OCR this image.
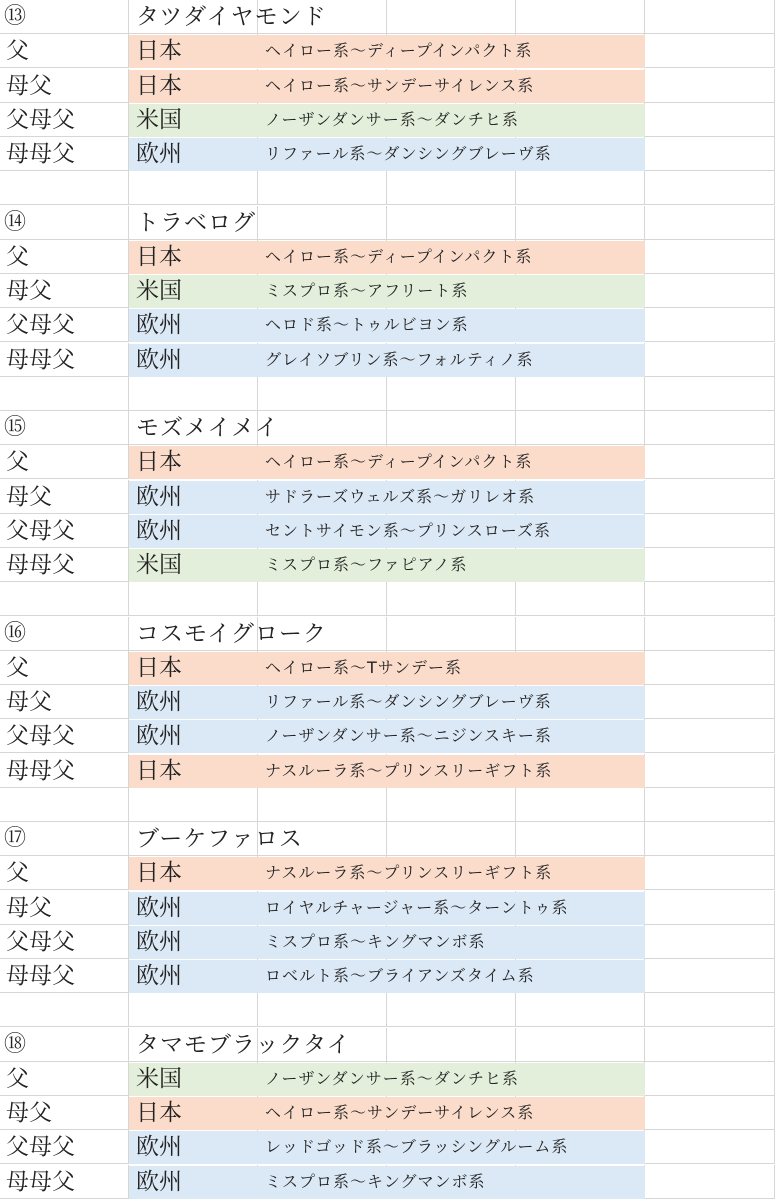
⑬	タツダイヤモンド
父	日本	ヘイロー系〜ディープインパクト系
母父	日本	ヘイロー系〜サンデーサイレンス系
父母父	米国	ノーザンダンサー系〜ダンチヒ系
母母父	欧州	リファール系〜ダンシングブレーヴ系
⑭	トラベログ
父	日本	ヘイロー系〜ディープインパクト系
母父	米国	ミスプロ系〜アフリート系
父母父	欧州	ヘロド系〜トゥルビヨン系
母母父	欧州	グレイソブリン系〜フォルティノ系
⑮	モズメイメイ
父	日本	ヘイロー系〜ディープインパクト系
母父	欧州	サドラーズウェルズ系〜ガリレオ系
父母父	欧州	セントサイモン系〜プリンスローズ系
母母父	米国	ミスプロ系〜ファピアノ系
⑯	コスモイグローク
父	日本	ヘイロー系〜Tサンデー系
母父	欧州	リファール系〜ダンシングブレーヴ系
父母父	欧州	ノーザンダンサー系〜ニジンスキー系
母母父	日本	ナスルーラ系〜プリンスリーギフト系
⑰	ブーケファロス
父	日本	ナスルーラ系〜プリンスリーギフト系
母父	欧州	ロイヤルチャージャー系〜ターントゥ系
父母父	欧州	ミスプロ系〜キングマンボ系
母母父	欧州	ロベルト系〜ブライアンズタイム系
⑱	タマモブラックタイ
父	米国	ノーザンダンサー系〜ダンチヒ系
母父	日本	ヘイロー系〜サンデーサイレンス系
父母父	欧州	レッドゴッド系〜ブラッシングルーム系
母母父	欧州	ミスプロ系〜キングマンボ系
